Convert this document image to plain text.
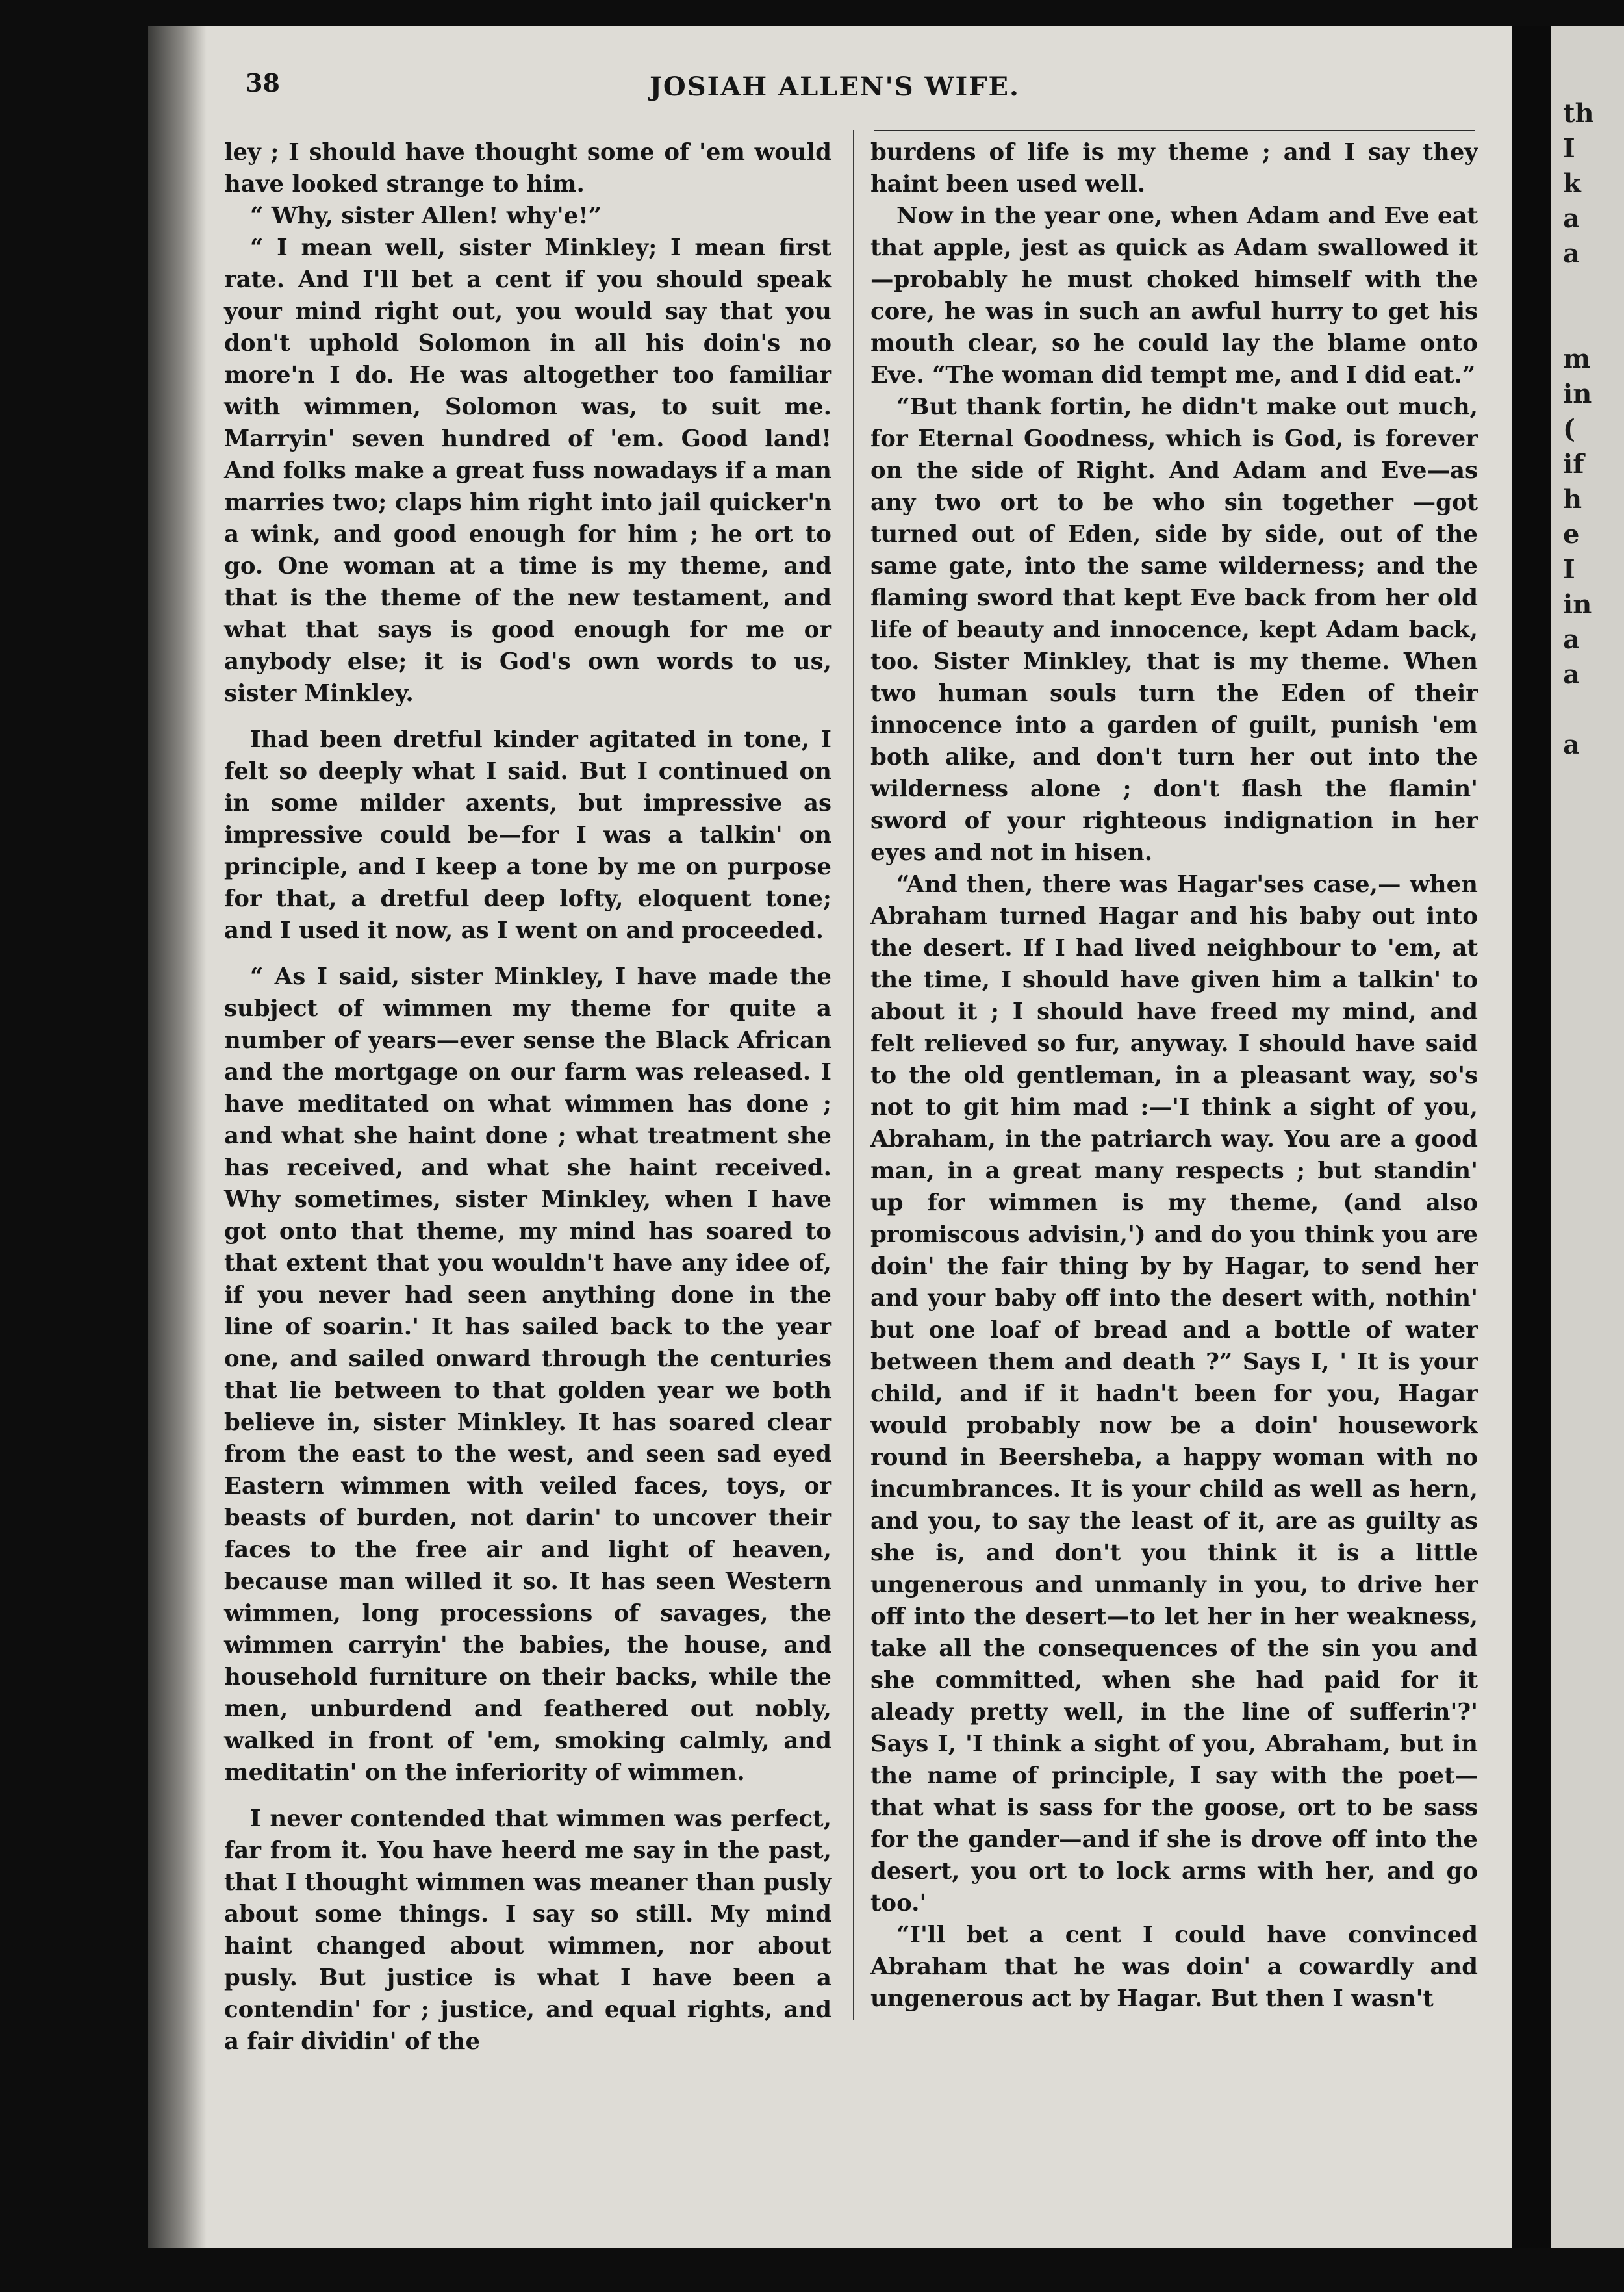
th
I
k
a
a

m
in
(
if
h
e
I
in
a
a

a

38	JOSIAH ALLEN'S WIFE.

ley ; I should have thought some of 'em would have looked strange to him.

“ Why, sister Allen! why'e!”

“ I mean well, sister Minkley; I mean first rate. And I'll bet a cent if you should speak your mind right out, you would say that you don't uphold Solomon in all his doin's no more'n I do. He was altogether too familiar with wimmen, Solomon was, to suit me. Marryin' seven hundred of 'em. Good land! And folks make a great fuss nowadays if a man marries two; claps him right into jail quicker'n a wink, and good enough for him ; he ort to go. One woman at a time is my theme, and that is the theme of the new testament, and what that says is good enough for me or anybody else; it is God's own words to us, sister Minkley.

Ihad been dretful kinder agitated in tone, I felt so deeply what I said. But I continued on in some milder axents, but impressive as impressive could be—for I was a talkin' on principle, and I keep a tone by me on purpose for that, a dretful deep lofty, eloquent tone; and I used it now, as I went on and proceeded.

“ As I said, sister Minkley, I have made the subject of wimmen my theme for quite a number of years—ever sense the Black African and the mortgage on our farm was released. I have meditated on what wimmen has done ; and what she haint done ; what treatment she has received, and what she haint received. Why sometimes, sister Minkley, when I have got onto that theme, my mind has soared to that extent that you wouldn't have any idee of, if you never had seen anything done in the line of soarin.' It has sailed back to the year one, and sailed onward through the centuries that lie between to that golden year we both believe in, sister Minkley. It has soared clear from the east to the west, and seen sad eyed Eastern wimmen with veiled faces, toys, or beasts of burden, not darin' to uncover their faces to the free air and light of heaven, because man willed it so. It has seen Western wimmen, long processions of savages, the wimmen carryin' the babies, the house, and household furniture on their backs, while the men, unburdend and feathered out nobly, walked in front of 'em, smoking calmly, and meditatin' on the inferiority of wimmen.

I never contended that wimmen was perfect, far from it. You have heerd me say in the past, that I thought wimmen was meaner than pusly about some things. I say so still. My mind haint changed about wimmen, nor about pusly. But justice is what I have been a contendin' for ; justice, and equal rights, and a fair dividin' of the

burdens of life is my theme ; and I say they haint been used well.

Now in the year one, when Adam and Eve eat that apple, jest as quick as Adam swallowed it—probably he must choked himself with the core, he was in such an awful hurry to get his mouth clear, so he could lay the blame onto Eve. “The woman did tempt me, and I did eat.”

“But thank fortin, he didn't make out much, for Eternal Goodness, which is God, is forever on the side of Right. And Adam and Eve—as any two ort to be who sin together —got turned out of Eden, side by side, out of the same gate, into the same wilderness; and the flaming sword that kept Eve back from her old life of beauty and innocence, kept Adam back, too. Sister Minkley, that is my theme. When two human souls turn the Eden of their innocence into a garden of guilt, punish 'em both alike, and don't turn her out into the wilderness alone ; don't flash the flamin' sword of your righteous indignation in her eyes and not in hisen.

“And then, there was Hagar'ses case,— when Abraham turned Hagar and his baby out into the desert. If I had lived neighbour to 'em, at the time, I should have given him a talkin' to about it ; I should have freed my mind, and felt relieved so fur, anyway. I should have said to the old gentleman, in a pleasant way, so's not to git him mad :—'I think a sight of you, Abraham, in the patriarch way. You are a good man, in a great many respects ; but standin' up for wimmen is my theme, (and also promiscous advisin,') and do you think you are doin' the fair thing by by Hagar, to send her and your baby off into the desert with, nothin' but one loaf of bread and a bottle of water between them and death ?” Says I, ' It is your child, and if it hadn't been for you, Hagar would probably now be a doin' housework round in Beersheba, a happy woman with no incumbrances. It is your child as well as hern, and you, to say the least of it, are as guilty as she is, and don't you think it is a little ungenerous and unmanly in you, to drive her off into the desert—to let her in her weakness, take all the consequences of the sin you and she committed, when she had paid for it aleady pretty well, in the line of sufferin'?' Says I, 'I think a sight of you, Abraham, but in the name of principle, I say with the poet—that what is sass for the goose, ort to be sass for the gander—and if she is drove off into the desert, you ort to lock arms with her, and go too.'

“I'll bet a cent I could have convinced Abraham that he was doin' a cowardly and ungenerous act by Hagar. But then I wasn't
